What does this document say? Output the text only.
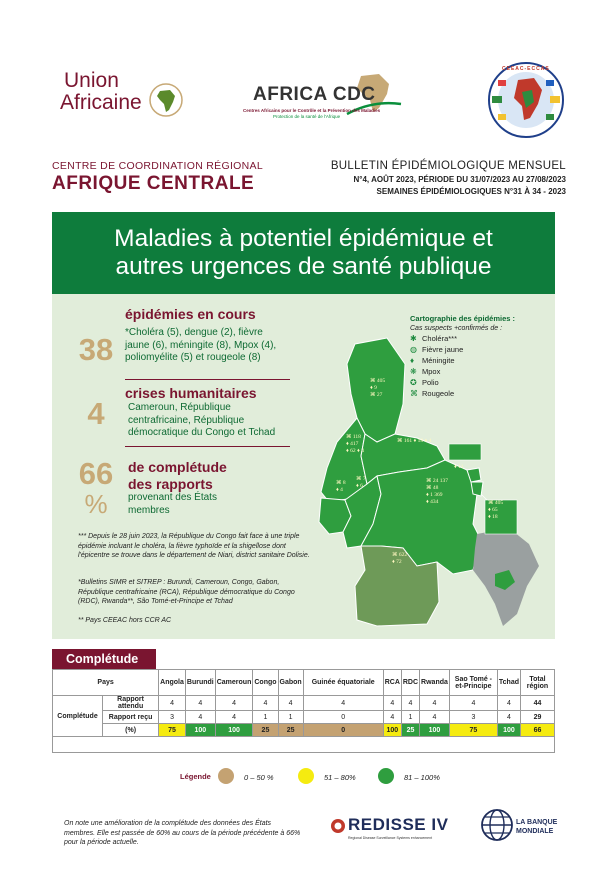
Union
Africaine	AFRICA CDC
Centres Africains pour le Contrôle et la Prévention des Maladies
Protection de la santé de l'Afrique
CEEAC-ECCAS
CENTRE DE COORDINATION RÉGIONAL
AFRIQUE CENTRALE
BULLETIN ÉPIDÉMIOLOGIQUE MENSUEL
N°4, AOÛT 2023, PÉRIODE DU 31/07/2023 AU 27/08/2023
SEMAINES ÉPIDÉMIOLOGIQUES N°31 À 34 - 2023
Maladies à potentiel épidémique et
autres urgences de santé publique
38
épidémies en cours
*Choléra (5), dengue (2), fièvre jaune (6), méningite (8), Mpox (4), poliomyélite (5) et rougeole (8)
4
crises humanitaires
Cameroun, République centrafricaine, République démocratique du Congo et Tchad
66
%
de complétude
des rapports
provenant des États membres
*** Depuis le 28 juin 2023, la République du Congo fait face à une triple épidémie incluant le choléra, la fièvre typhoïde et la shigellose dont l'épicentre se trouve dans le département de Niari, district sanitaire Dolisie.
*Bulletins SIMR et SITREP : Burundi, Cameroun, Congo, Gabon, République centrafricaine (RCA), République démocratique du Congo (RDC), Rwanda**, São Tomé-et-Principe et Tchad
** Pays CEEAC hors CCR AC
Cartographie des épidémies :
Cas suspects +confirmés de :
✱ Choléra***
◍ Fièvre jaune
♦	Méningite
❋ Mpox
✪ Polio
⌘ Rougeole
⌘ 405
♦ 9
⌘ 27
⌘ 118
♦ 417
♦ 62 ♦ 4
⌘ 161 ♦ 18 ♦ 4
⌘ 8
♦ 4
⌘ 7
♦ 6
⌘ 24 137
⌘ 48
♦ 1 369
♦ 434
♦ 11
⌘ 405
♦ 65
♦ 18
⌘ 622
♦ 72
Complétude
Pays		Angola	Burundi	Cameroun	Congo	Gabon	Guinée équatoriale	RCA	RDC	Rwanda	Sao Tomé -et-Principe	Tchad	Total région
Complétude	Rapport attendu	4	4	4	4	4	4	4	4	4	4	4	44
	Rapport reçu	3	4	4	1	1	0	4	1	4	3	4	29
	(%)	75	100	100	25	25	0	100	25	100	75	100	66

Légende	0 – 50 %	51 – 80%	81 – 100%
On note une amélioration de la complétude des données des États membres. Elle est passée de 60% au cours de la période précédente à 66% pour la période actuelle.
REDISSE IV
Regional Disease Surveillance Systems enhancement
LA BANQUE
MONDIALE
